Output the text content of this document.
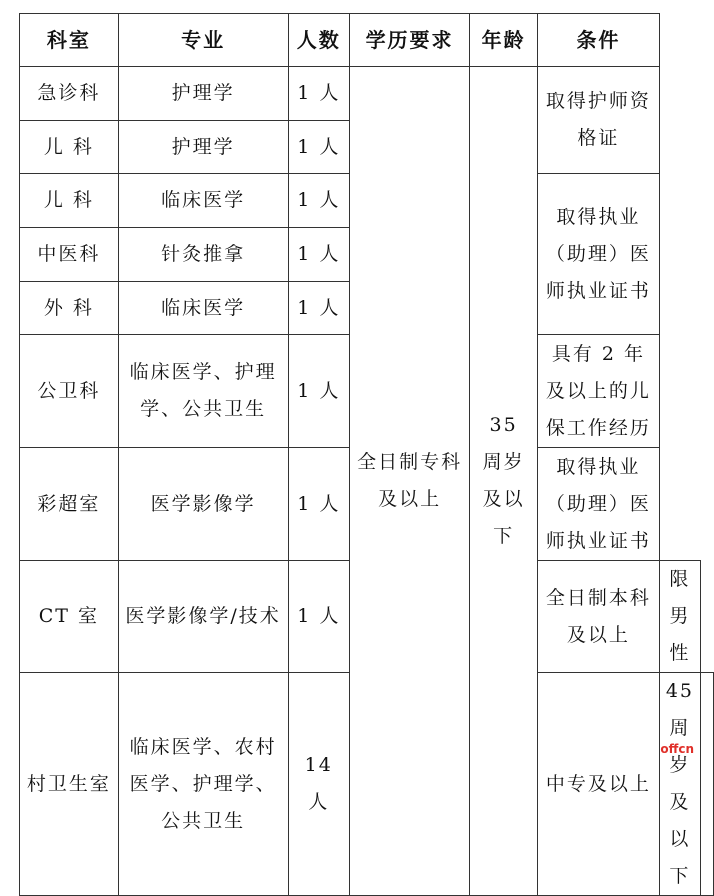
科室	专业	人数	学历要求	年龄	条件		
急诊科	护理学	1 人	全日制专科及以上	35 周岁及以下	取得护师资格证		
儿 科	护理学	1 人					
儿 科	临床医学	1 人			取得执业（助理）医师执业证书		
中医科	针灸推拿	1 人					
外 科	临床医学	1 人					
公卫科	临床医学、护理学、公共卫生	1 人			具有 2 年及以上的儿保工作经历		
彩超室	医学影像学	1 人			取得执业（助理）医师执业证书		
CT 室	医学影像学/技术	1 人			全日制本科及以上	限男性	
村卫生室	临床医学、农村医学、护理学、公共卫生	14 人			中专及以上	45 周岁及以下	
offcn
